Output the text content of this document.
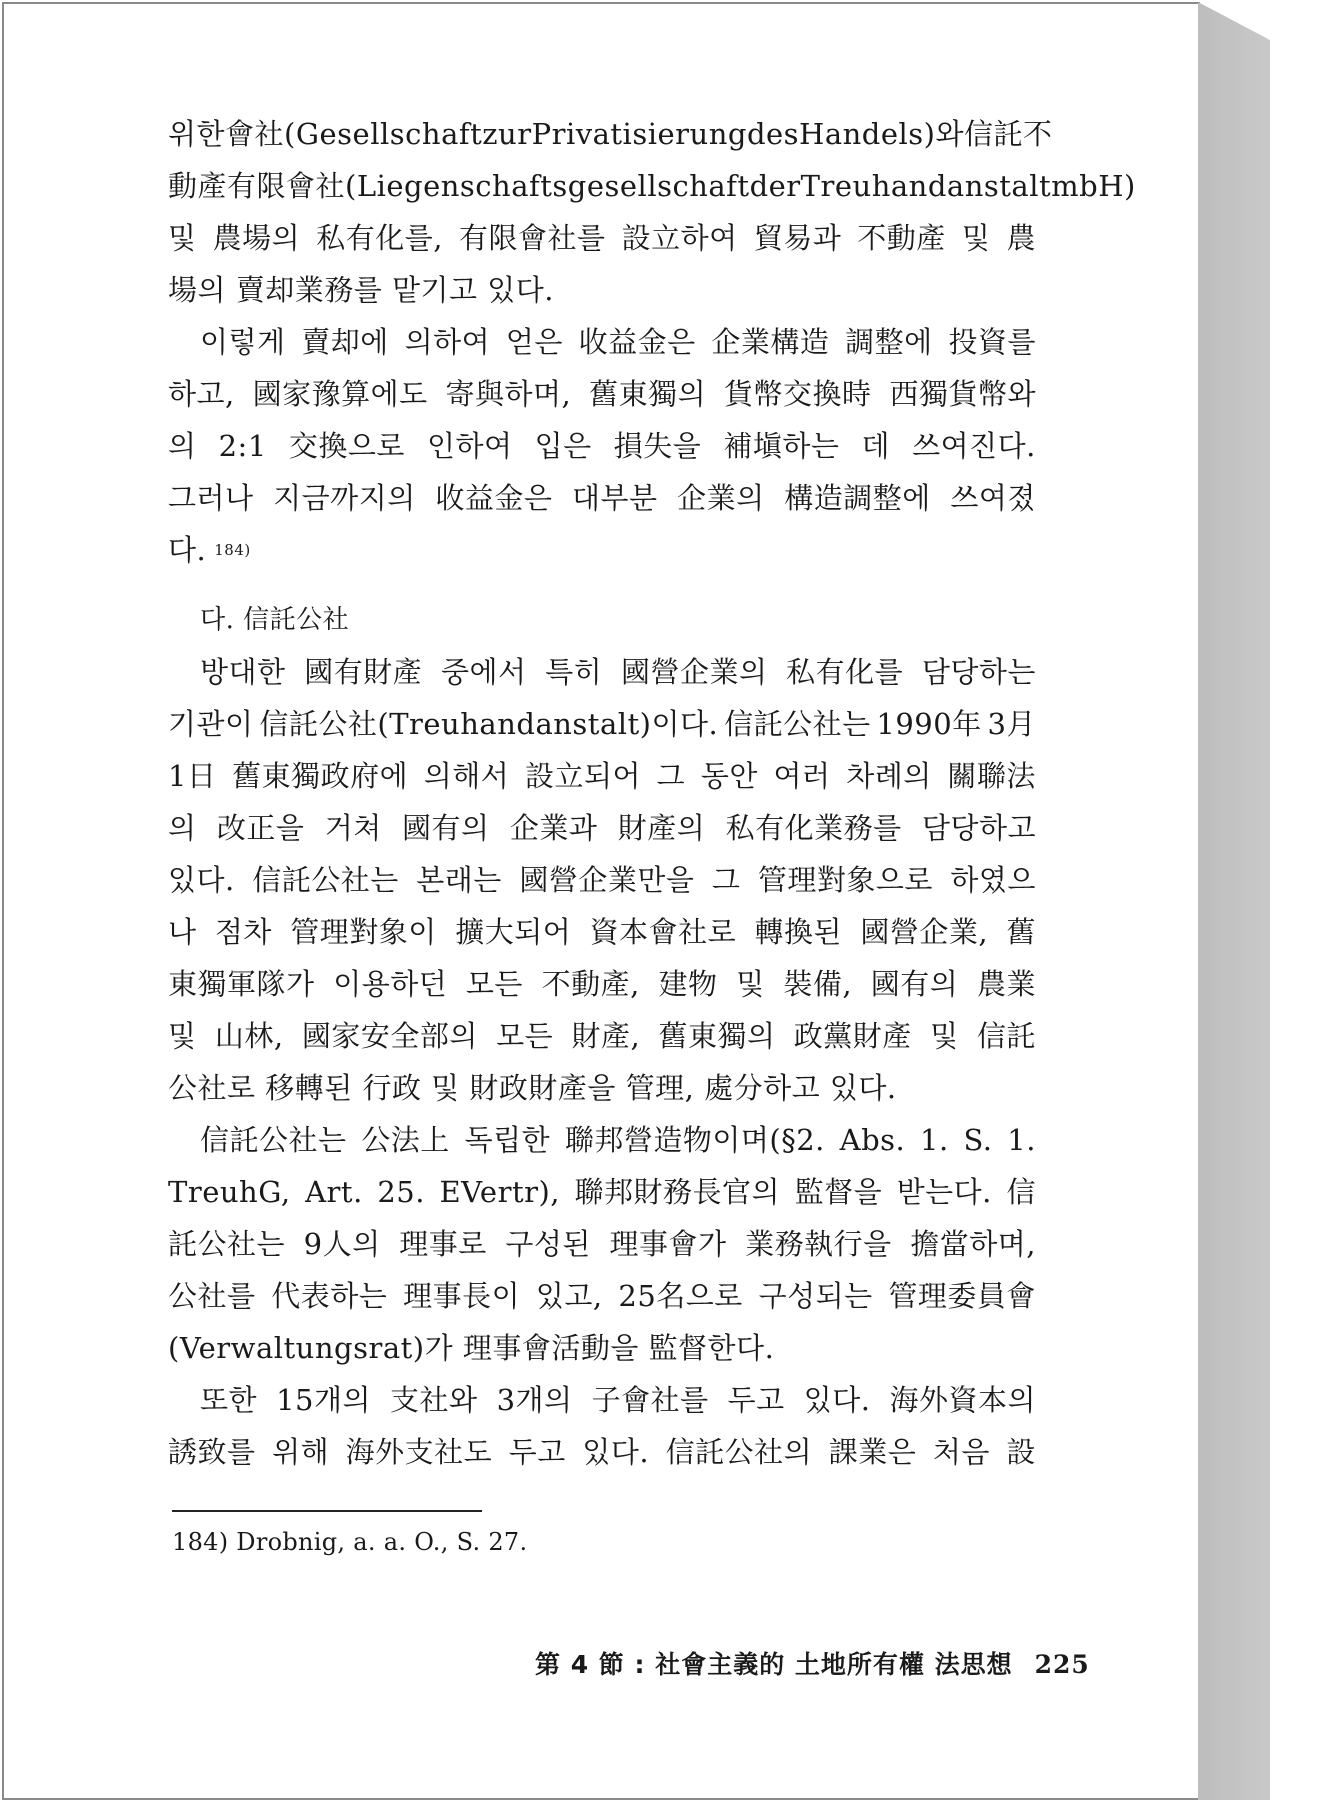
위한 會社(Gesellschaft zur Privatisierung des Handels)와 信託不
動產有限會社(Liegenschaftsgesellschaft der Treuhandanstalt mbH)
및 農場의 私有化를, 有限會社를 設立하여 貿易과 不動產 및 農
場의 賣却業務를 맡기고 있다.
이렇게 賣却에 의하여 얻은 收益金은 企業構造 調整에 投資를
하고, 國家豫算에도 寄與하며, 舊東獨의 貨幣交換時 西獨貨幣와
의 2:1 交換으로 인하여 입은 損失을 補塡하는 데 쓰여진다.
그러나 지금까지의 收益金은 대부분 企業의 構造調整에 쓰여졌
다. 184)
다. 信託公社
방대한 國有財產 중에서 특히 國營企業의 私有化를 담당하는
기관이 信託公社(Treuhandanstalt)이다. 信託公社는 1990年 3月
1日 舊東獨政府에 의해서 設立되어 그 동안 여러 차례의 關聯法
의 改正을 거쳐 國有의 企業과 財產의 私有化業務를 담당하고
있다. 信託公社는 본래는 國營企業만을 그 管理對象으로 하였으
나 점차 管理對象이 擴大되어 資本會社로 轉換된 國營企業, 舊
東獨軍隊가 이용하던 모든 不動產, 建物 및 裝備, 國有의 農業
및 山林, 國家安全部의 모든 財產, 舊東獨의 政黨財產 및 信託
公社로 移轉된 行政 및 財政財產을 管理, 處分하고 있다.
信託公社는 公法上 독립한 聯邦營造物이며(§2. Abs. 1. S. 1.
TreuhG, Art. 25. EVertr), 聯邦財務長官의 監督을 받는다. 信
託公社는 9人의 理事로 구성된 理事會가 業務執行을 擔當하며,
公社를 代表하는 理事長이 있고, 25名으로 구성되는 管理委員會
(Verwaltungsrat)가 理事會活動을 監督한다.
또한 15개의 支社와 3개의 子會社를 두고 있다. 海外資本의
誘致를 위해 海外支社도 두고 있다. 信託公社의 課業은 처음 設
184) Drobnig, a. a. O., S. 27.
第 4 節 : 社會主義的 土地所有權 法思想 225
